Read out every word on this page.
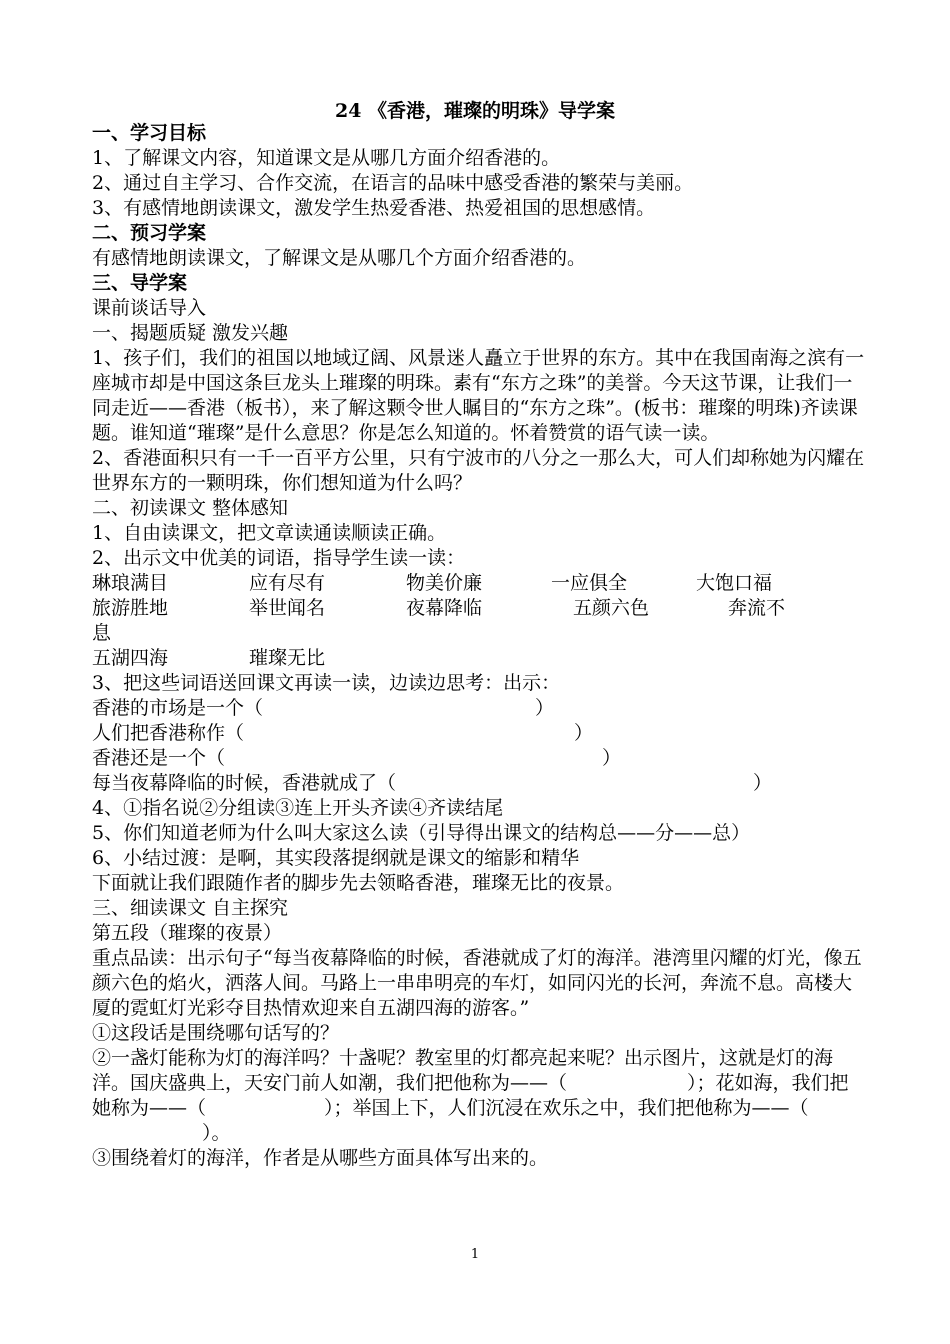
24 《香港，璀璨的明珠》导学案
一、学习目标
1、了解课文内容，知道课文是从哪几方面介绍香港的。
2、通过自主学习、合作交流，在语言的品味中感受香港的繁荣与美丽。
3、有感情地朗读课文，激发学生热爱香港、热爱祖国的思想感情。
二、预习学案
有感情地朗读课文，了解课文是从哪几个方面介绍香港的。
三、导学案
课前谈话导入
一、揭题质疑 激发兴趣
1、孩子们，我们的祖国以地域辽阔、风景迷人矗立于世界的东方。其中在我国南海之滨有一座城市却是中国这条巨龙头上璀璨的明珠。素有“东方之珠”的美誉。今天这节课，让我们一同走近——香港（板书），来了解这颗令世人瞩目的“东方之珠”。(板书：璀璨的明珠)齐读课题。谁知道“璀璨”是什么意思？你是怎么知道的。怀着赞赏的语气读一读。
2、香港面积只有一千一百平方公里，只有宁波市的八分之一那么大，可人们却称她为闪耀在世界东方的一颗明珠，你们想知道为什么吗？
二、初读课文 整体感知
1、自由读课文，把文章读通读顺读正确。
2、出示文中优美的词语，指导学生读一读：
琳琅满目	应有尽有	物美价廉	一应俱全	大饱口福
旅游胜地	举世闻名	夜幕降临	五颜六色	奔流不
息
五湖四海	璀璨无比
3、把这些词语送回课文再读一读，边读边思考：出示：
香港的市场是一个（	）
人们把香港称作（	）
香港还是一个（	）
每当夜幕降临的时候，香港就成了（	）
4、①指名说②分组读③连上开头齐读④齐读结尾
5、你们知道老师为什么叫大家这么读（引导得出课文的结构总——分——总）
6、小结过渡：是啊，其实段落提纲就是课文的缩影和精华
下面就让我们跟随作者的脚步先去领略香港，璀璨无比的夜景。
三、细读课文 自主探究
第五段（璀璨的夜景）
重点品读：出示句子“每当夜幕降临的时候，香港就成了灯的海洋。港湾里闪耀的灯光，像五颜六色的焰火，洒落人间。马路上一串串明亮的车灯，如同闪光的长河，奔流不息。高楼大厦的霓虹灯光彩夺目热情欢迎来自五湖四海的游客。”
①这段话是围绕哪句话写的？
②一盏灯能称为灯的海洋吗？十盏呢？教室里的灯都亮起来呢？出示图片，这就是灯的海洋。国庆盛典上，天安门前人如潮，我们把他称为——（	）；花如海，我们把她称为——（	）；举国上下，人们沉浸在欢乐之中，我们把他称为——（）。
③围绕着灯的海洋，作者是从哪些方面具体写出来的。
1
